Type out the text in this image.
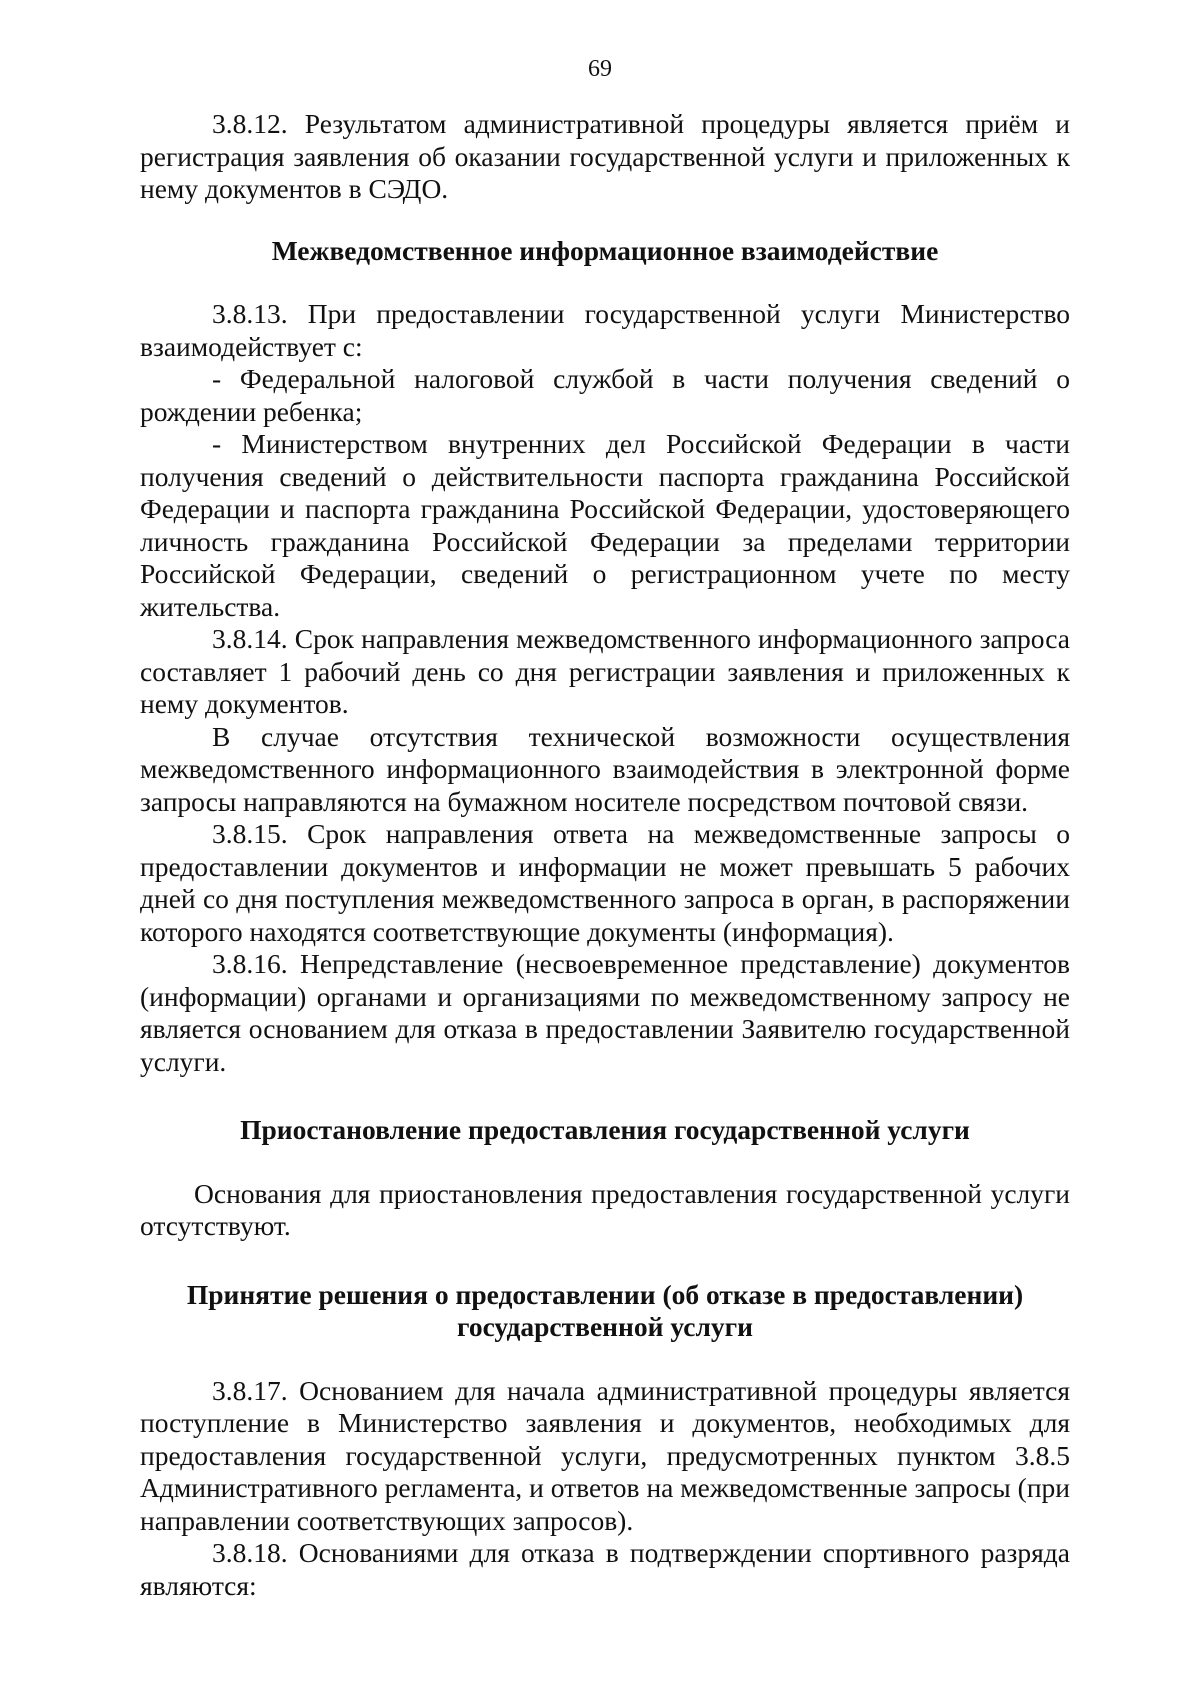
69

3.8.12. Результатом административной процедуры является приём и регистрация заявления об оказании государственной услуги и приложенных к нему документов в СЭДО.

Межведомственное информационное взаимодействие

3.8.13. При предоставлении государственной услуги Министерство взаимодействует с:

- Федеральной налоговой службой в части получения сведений о рождении ребенка;

- Министерством внутренних дел Российской Федерации в части получения сведений о действительности паспорта гражданина Российской Федерации и паспорта гражданина Российской Федерации, удостоверяющего личность гражданина Российской Федерации за пределами территории Российской Федерации, сведений о регистрационном учете по месту жительства.

3.8.14. Срок направления межведомственного информационного запроса составляет 1 рабочий день со дня регистрации заявления и приложенных к нему документов.

В случае отсутствия технической возможности осуществления межведомственного информационного взаимодействия в электронной форме запросы направляются на бумажном носителе посредством почтовой связи.

3.8.15. Срок направления ответа на межведомственные запросы о предоставлении документов и информации не может превышать 5 рабочих дней со дня поступления межведомственного запроса в орган, в распоряжении которого находятся соответствующие документы (информация).

3.8.16. Непредставление (несвоевременное представление) документов (информации) органами и организациями по межведомственному запросу не является основанием для отказа в предоставлении Заявителю государственной услуги.

Приостановление предоставления государственной услуги

Основания для приостановления предоставления государственной услуги отсутствуют.

Принятие решения о предоставлении (об отказе в предоставлении) государственной услуги

3.8.17. Основанием для начала административной процедуры является поступление в Министерство заявления и документов, необходимых для предоставления государственной услуги, предусмотренных пунктом 3.8.5 Административного регламента, и ответов на межведомственные запросы (при направлении соответствующих запросов).

3.8.18. Основаниями для отказа в подтверждении спортивного разряда являются:
